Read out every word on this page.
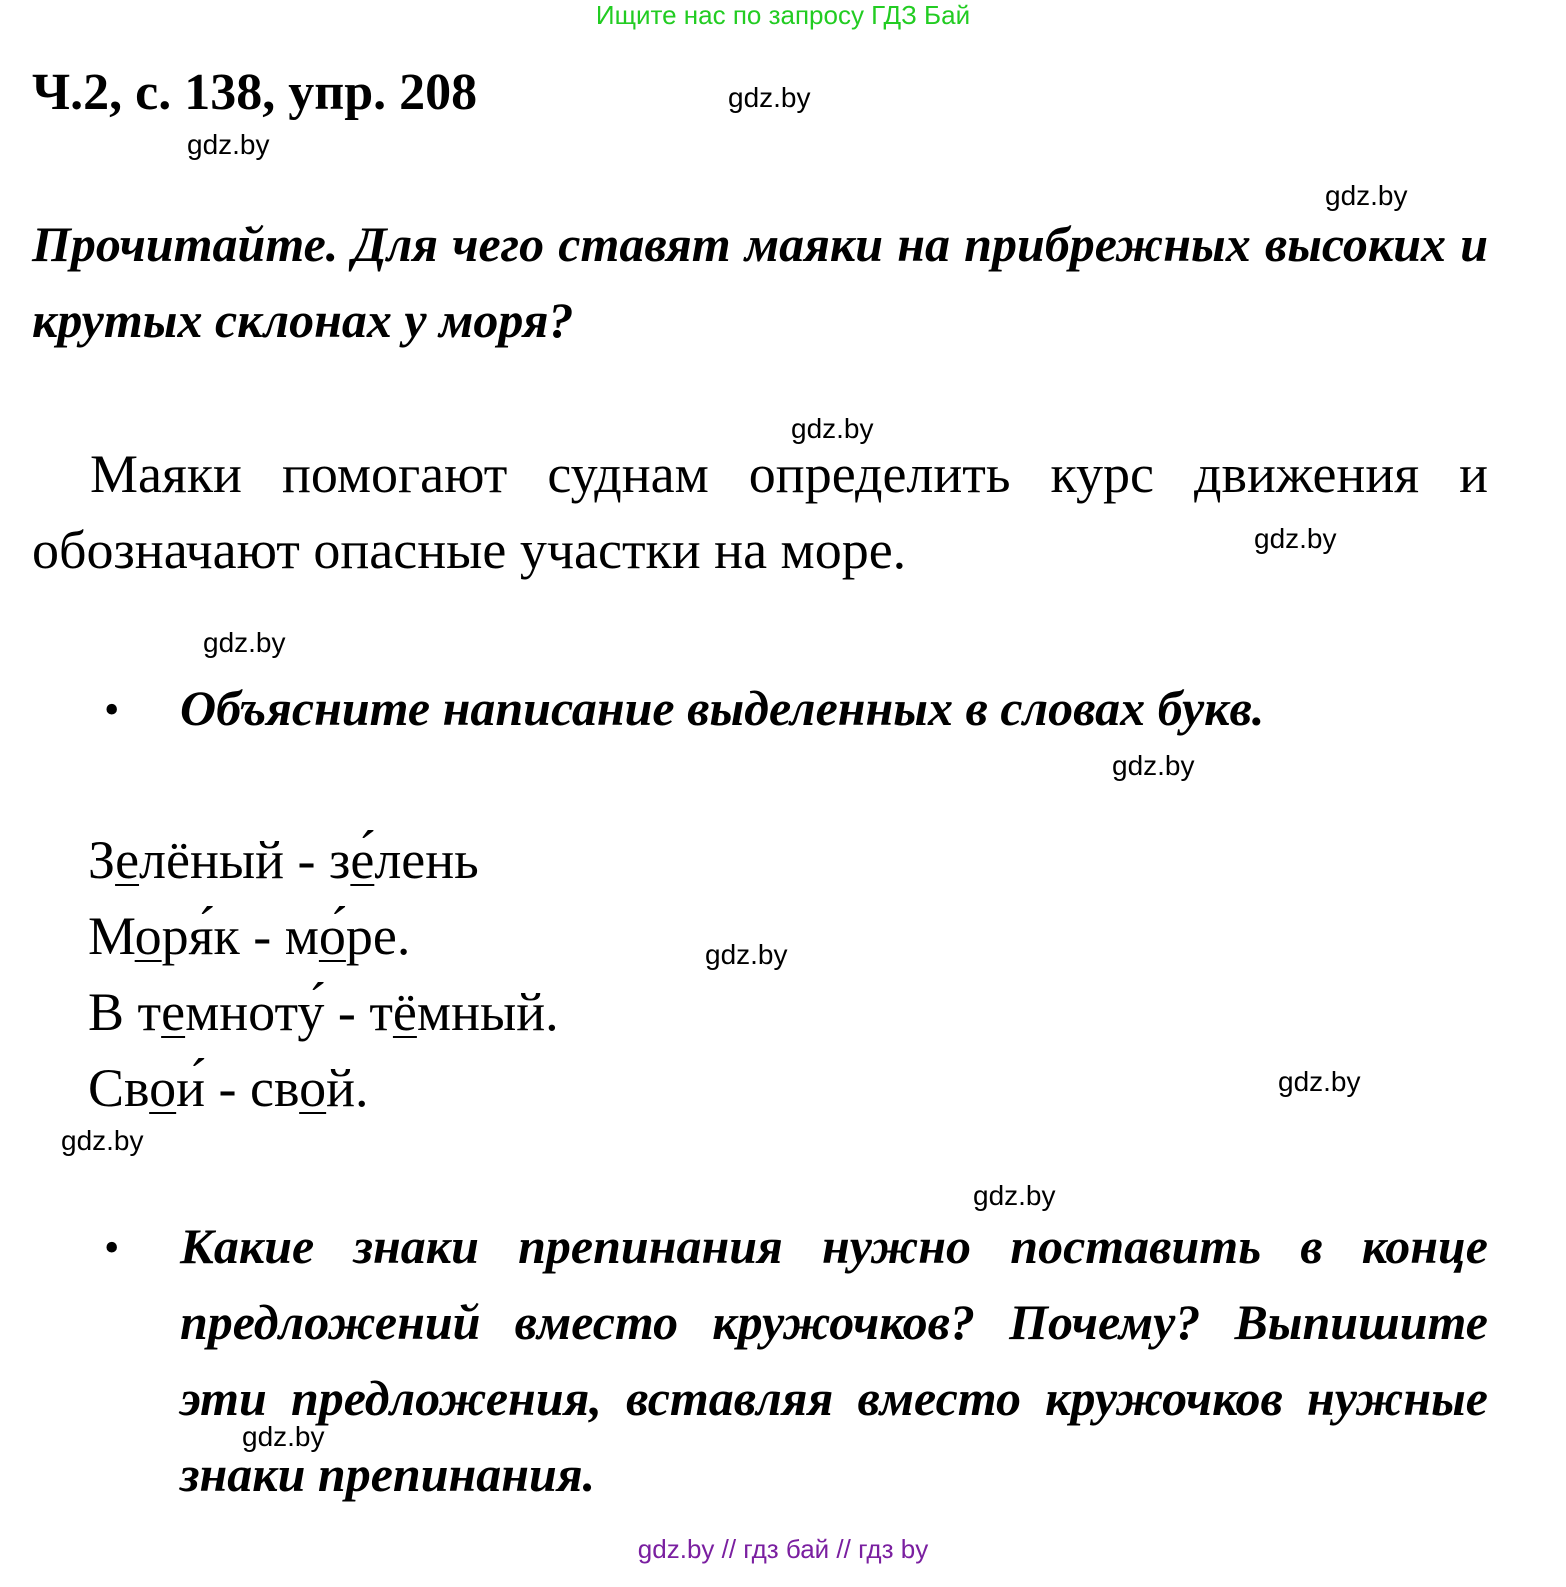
Ищите нас по запросу ГДЗ Бай
Ч.2, с. 138, упр. 208	gdz.by
gdz.by
gdz.by
Прочитайте. Для чего ставят маяки на прибрежных высоких и крутых склонах у моря?
gdz.by
Маяки помогают суднам определить курс движения и обозначают опасные участки на море.	gdz.by
gdz.by
• Объясните написание выделенных в словах букв.
gdz.by
Зелёный - зе́лень
Моря́к - мо́ре.	gdz.by
В темноту́ - тёмный.
Свои́ - свой.	gdz.by
gdz.by
gdz.by
• Какие знаки препинания нужно поставить в конце предложений вместо кружочков? Почему? Выпишите эти предложения, вставляя вместо кружочков нужные знаки препинания.
gdz.by
gdz.by // гдз бай // гдз by
